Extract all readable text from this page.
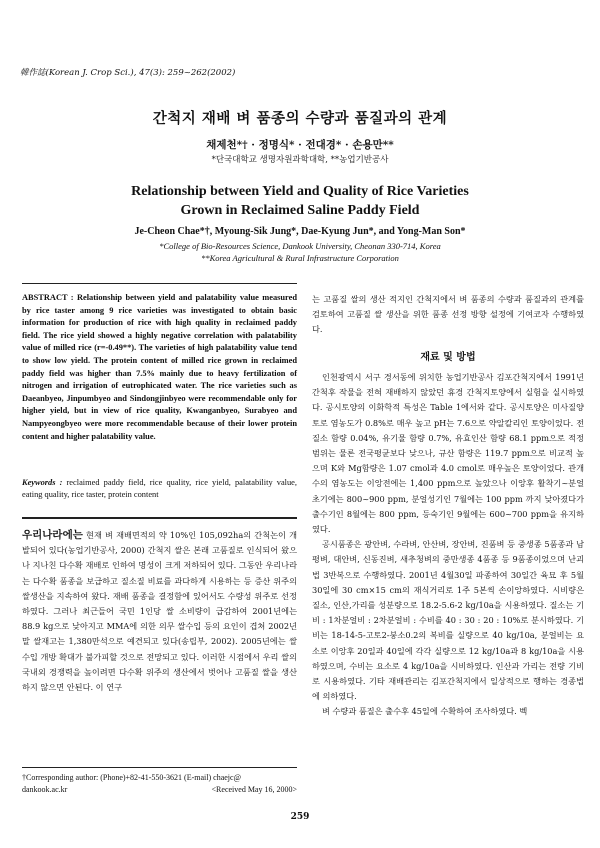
韓作誌(Korean J. Crop Sci.), 47(3): 259~262(2002)
간척지 재배 벼 품종의 수량과 품질과의 관계
채제천*† · 정명식* · 전대경* · 손용만**
*단국대학교 생명자원과학대학, **농업기반공사
Relationship between Yield and Quality of Rice Varieties
Grown in Reclaimed Saline Paddy Field
Je-Cheon Chae*†, Myoung-Sik Jung*, Dae-Kyung Jun*, and Yong-Man Son*
*College of Bio-Resources Science, Dankook University, Cheonan 330-714, Korea
**Korea Agricultural & Rural Infrastructure Corporation
ABSTRACT : Relationship between yield and palatability value measured by rice taster among 9 rice varieties was investigated to obtain basic information for production of rice with high quality in reclaimed paddy field. The rice yield showed a highly negative correlation with palatability value of milled rice (r=-0.49**). The varieties of high palatability value tend to show low yield. The protein content of milled rice grown in reclaimed paddy field was higher than 7.5% mainly due to heavy fertilization of nitrogen and irrigation of eutrophicated water. The rice varieties such as Daeanbyeo, Jinpumbyeo and Sindongjinbyeo were recommendable only for higher yield, but in view of rice quality, Kwanganbyeo, Surabyeo and Nampyeongbyeo were more recommendable because of their lower protein content and higher palatability value.
Keywords : reclaimed paddy field, rice quality, rice yield, palatability value, eating quality, rice taster, protein content
우리나라에는 현재 벼 재배면적의 약 10%인 105,092ha의 간척논이 개발되어 있다(농업기반공사, 2000) 간척지 쌀은 본래 고품질로 인식되어 왔으나 지나친 다수확 재배로 인하여 명성이 크게 저하되어 있다. 그동안 우리나라는 다수확 품종을 보급하고 질소질 비료를 과다하게 시용하는 등 증산 위주의 쌀생산을 지속하여 왔다. 재배 품종을 결정함에 있어서도 수량성 위주로 선정하였다. 그러나 최근들어 국민 1인당 쌀 소비량이 급감하여 2001년에는 88.9 kg으로 낮아지고 MMA에 의한 의무 쌀수입 등의 요인이 겹쳐 2002년말 쌀재고는 1,380만석으로 예견되고 있다(송립부, 2002). 2005년에는 쌀수입 개방 확대가 불가피할 것으로 전망되고 있다. 이러한 시점에서 우리 쌀의 국내외 경쟁력을 높이려면 다수확 위주의 생산에서 벗어나 고품질 쌀을 생산하지 않으면 안된다. 이 연구
†Corresponding author: (Phone)+82-41-550-3621 (E-mail) chaejc@
dankook.ac.kr	<Received May 16, 2000>
는 고품질 쌀의 생산 적지인 간척지에서 벼 품종의 수량과 품질과의 관계를 검토하여 고품질 쌀 생산을 위한 품종 선정 방향 설정에 기여코자 수행하였다.
재료 및 방법

인천광역시 서구 경서동에 위치한 농업기반공사 김포간척지에서 1991년 간척후 작물을 전혀 재배하지 않았던 휴경 간척지토양에서 실험을 실시하였다. 공시토양의 이화학적 특성은 Table 1에서와 같다. 공시토양은 미사질양토로 염농도가 0.8%로 매우 높고 pH는 7.6으로 약알칼리인 토양이었다. 전질소 함량 0.04%, 유기물 함량 0.7%, 유효인산 함량 68.1 ppm으로 적정범위는 물론 전국평균보다 낮으나, 규산 함량은 119.7 ppm으로 비교적 높으며 K와 Mg함량은 1.07 cmol과 4.0 cmol로 매우높은 토양이었다. 관개수의 염농도는 이앙전에는 1,400 ppm으로 높았으나 이앙후 활착기~분얼초기에는 800~900 ppm, 분얼성기인 7월에는 100 ppm 까지 낮아졌다가 출수기인 8월에는 800 ppm, 등숙기인 9월에는 600~700 ppm을 유지하였다.

공시품종은 광안벼, 수라벼, 안산벼, 장안벼, 진품벼 등 중생종 5품종과 남평벼, 대안벼, 신동진벼, 새추청벼의 중만생종 4품종 등 9품종이었으며 난괴법 3반복으로 수행하였다. 2001년 4월30일 파종하여 30일간 육묘 후 5월30일에 30 cm×15 cm의 재식거리로 1주 5본씩 손이앙하였다. 시비량은 질소, 인산,가리를 성분량으로 18.2-5.6-2 kg/10a을 시용하였다. 질소는 기비 : 1차분얼비 : 2차분얼비 : 수비를 40 : 30 : 20 : 10%로 분시하였다. 기비는 18-14-5-고토2-붕소0.2의 복비를 실량으로 40 kg/10a, 분얼비는 요소로 이앙후 20일과 40일에 각각 실량으로 12 kg/10a과 8 kg/10a을 시용하였으며, 수비는 요소로 4 kg/10a을 시비하였다. 인산과 가리는 전량 기비로 시용하였다. 기타 재배관리는 김포간척지에서 일상적으로 행하는 경종법에 의하였다.

벼 수량과 품질은 출수후 45일에 수확하여 조사하였다. 벡

259
